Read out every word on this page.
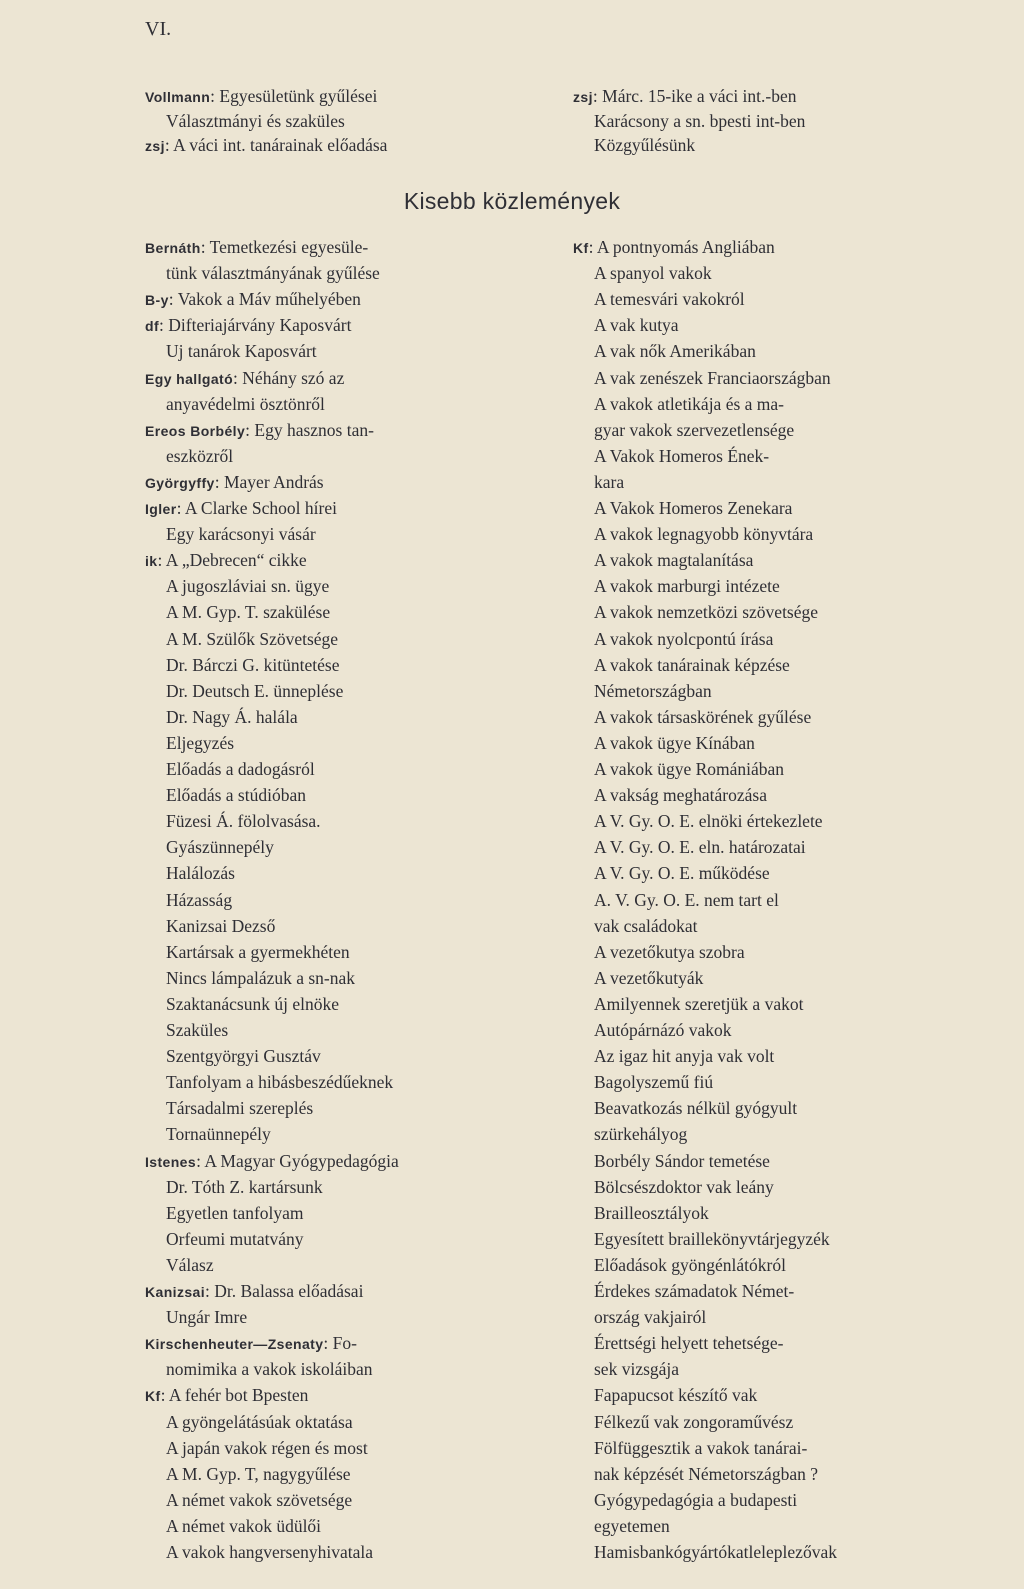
VI.
Vollmann: Egyesületünk gyűlései
Választmányi és szaküles
zsj: A váci int. tanárainak előadása
zsj: Márc. 15-ike a váci int.-ben
Karácsony a sn. bpesti int-ben
Közgyűlésünk
Kisebb közlemények
Bernáth: Temetkezési egyesüle-
tünk választmányának gyűlése
B-y: Vakok a Máv műhelyében
df: Difteriajárvány Kaposvárt
Uj tanárok Kaposvárt
Egy hallgató: Néhány szó az
anyavédelmi ösztönről
Ereos Borbély: Egy hasznos tan-
eszközről
Györgyffy: Mayer András
Igler: A Clarke School hírei
Egy karácsonyi vásár
ik: A „Debrecen“ cikke
A jugoszláviai sn. ügye
A M. Gyp. T. szakülése
A M. Szülők Szövetsége
Dr. Bárczi G. kitüntetése
Dr. Deutsch E. ünneplése
Dr. Nagy Á. halála
Eljegyzés
Előadás a dadogásról
Előadás a stúdióban
Füzesi Á. fölolvasása.
Gyászünnepély
Halálozás
Házasság
Kanizsai Dezső
Kartársak a gyermekhéten
Nincs lámpalázuk a sn-nak
Szaktanácsunk új elnöke
Szaküles
Szentgyörgyi Gusztáv
Tanfolyam a hibásbeszédűeknek
Társadalmi szereplés
Tornaünnepély
Istenes: A Magyar Gyógypedagógia
Dr. Tóth Z. kartársunk
Egyetlen tanfolyam
Orfeumi mutatvány
Válasz
Kanizsai: Dr. Balassa előadásai
Ungár Imre
Kirschenheuter—Zsenaty: Fo-
nomimika a vakok iskoláiban
Kf: A fehér bot Bpesten
A gyöngelátásúak oktatása
A japán vakok régen és most
A M. Gyp. T, nagygyűlése
A német vakok szövetsége
A német vakok üdülői
A vakok hangversenyhivatala
Kf: A pontnyomás Angliában
A spanyol vakok
A temesvári vakokról
A vak kutya
A vak nők Amerikában
A vak zenészek Franciaországban
A vakok atletikája és a ma-
gyar vakok szervezetlensége
A Vakok Homeros Ének-
kara
A Vakok Homeros Zenekara
A vakok legnagyobb könyvtára
A vakok magtalanítása
A vakok marburgi intézete
A vakok nemzetközi szövetsége
A vakok nyolcpontú írása
A vakok tanárainak képzése
Németországban
A vakok társaskörének gyűlése
A vakok ügye Kínában
A vakok ügye Romániában
A vakság meghatározása
A V. Gy. O. E. elnöki értekezlete
A V. Gy. O. E. eln. határozatai
A V. Gy. O. E. működése
A. V. Gy. O. E. nem tart el
vak családokat
A vezetőkutya szobra
A vezetőkutyák
Amilyennek szeretjük a vakot
Autópárnázó vakok
Az igaz hit anyja vak volt
Bagolyszemű fiú
Beavatkozás nélkül gyógyult
szürkehályog
Borbély Sándor temetése
Bölcsészdoktor vak leány
Brailleosztályok
Egyesített braillekönyvtárjegyzék
Előadások gyöngénlátókról
Érdekes számadatok Német-
ország vakjairól
Érettségi helyett tehetsége-
sek vizsgája
Fapapucsot készítő vak
Félkezű vak zongoraművész
Fölfüggesztik a vakok tanárai-
nak képzését Németországban ?
Gyógypedagógia a budapesti
egyetemen
Hamisbankógyártókatleleplezővak
